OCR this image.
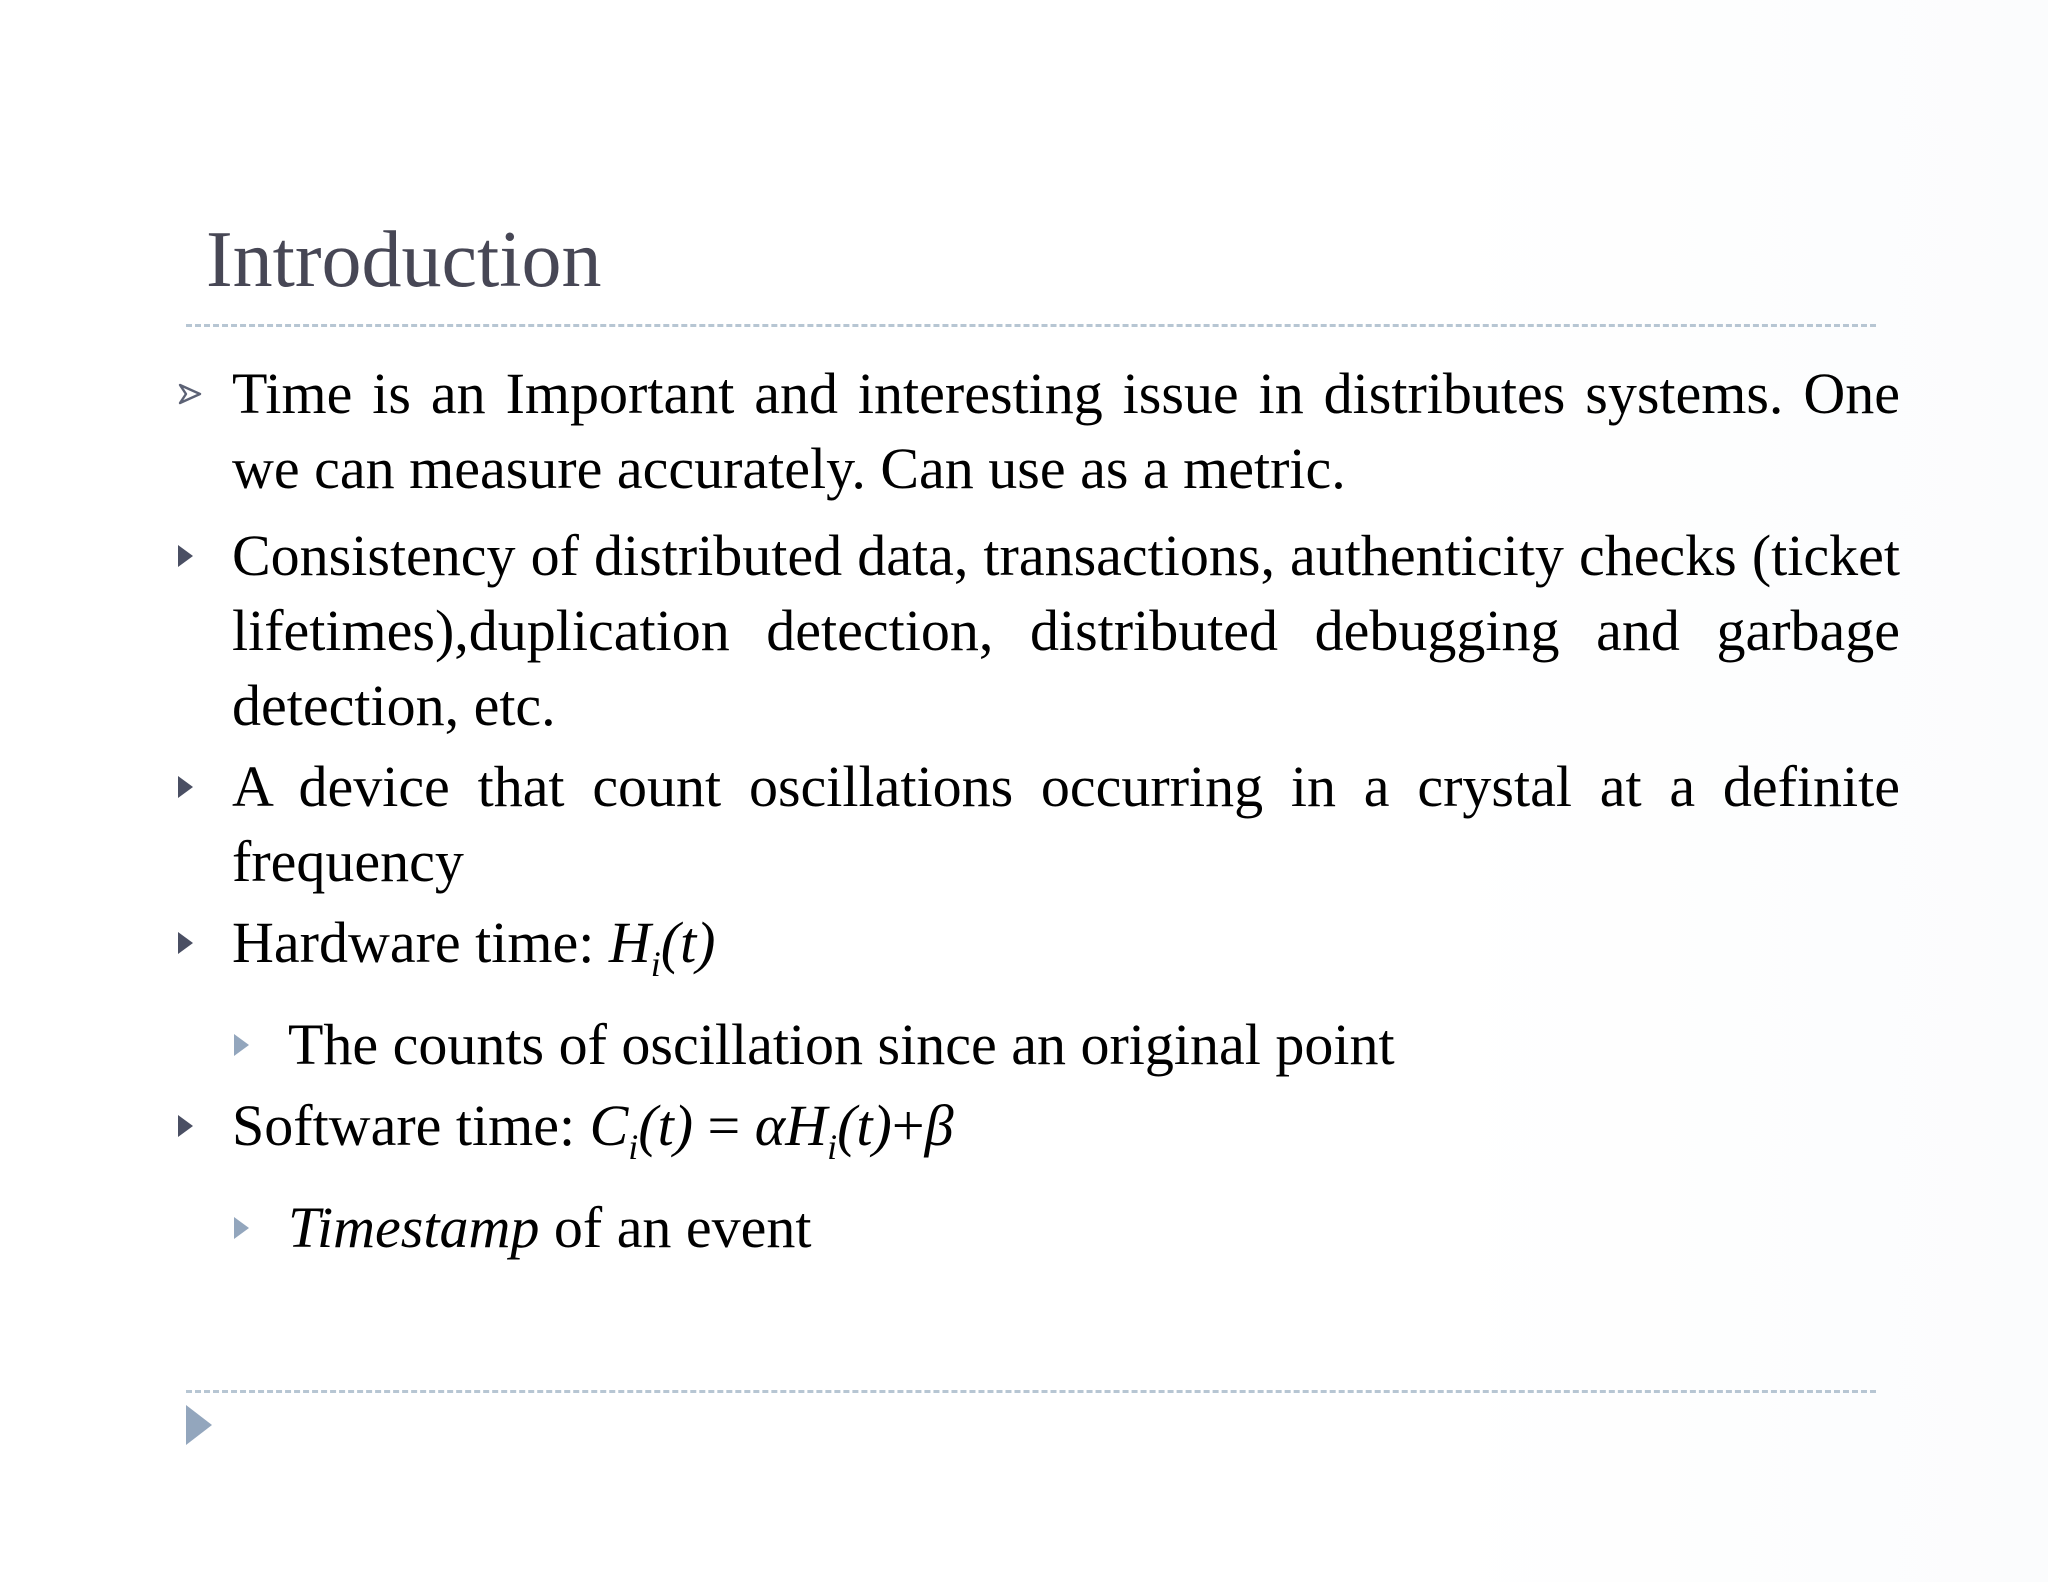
Introduction
Time is an Important and interesting issue in distributes systems. One we can measure accurately. Can use as a metric.
Consistency of distributed data, transactions, authenticity checks (ticket lifetimes),duplication detection, distributed debugging and garbage detection, etc.
A device that count oscillations occurring in a crystal at a definite frequency
Hardware time: $H_i(t)$
The counts of oscillation since an original point
Software time: $C_i(t) = \alpha H_i(t)+\beta$
Timestamp of an event
